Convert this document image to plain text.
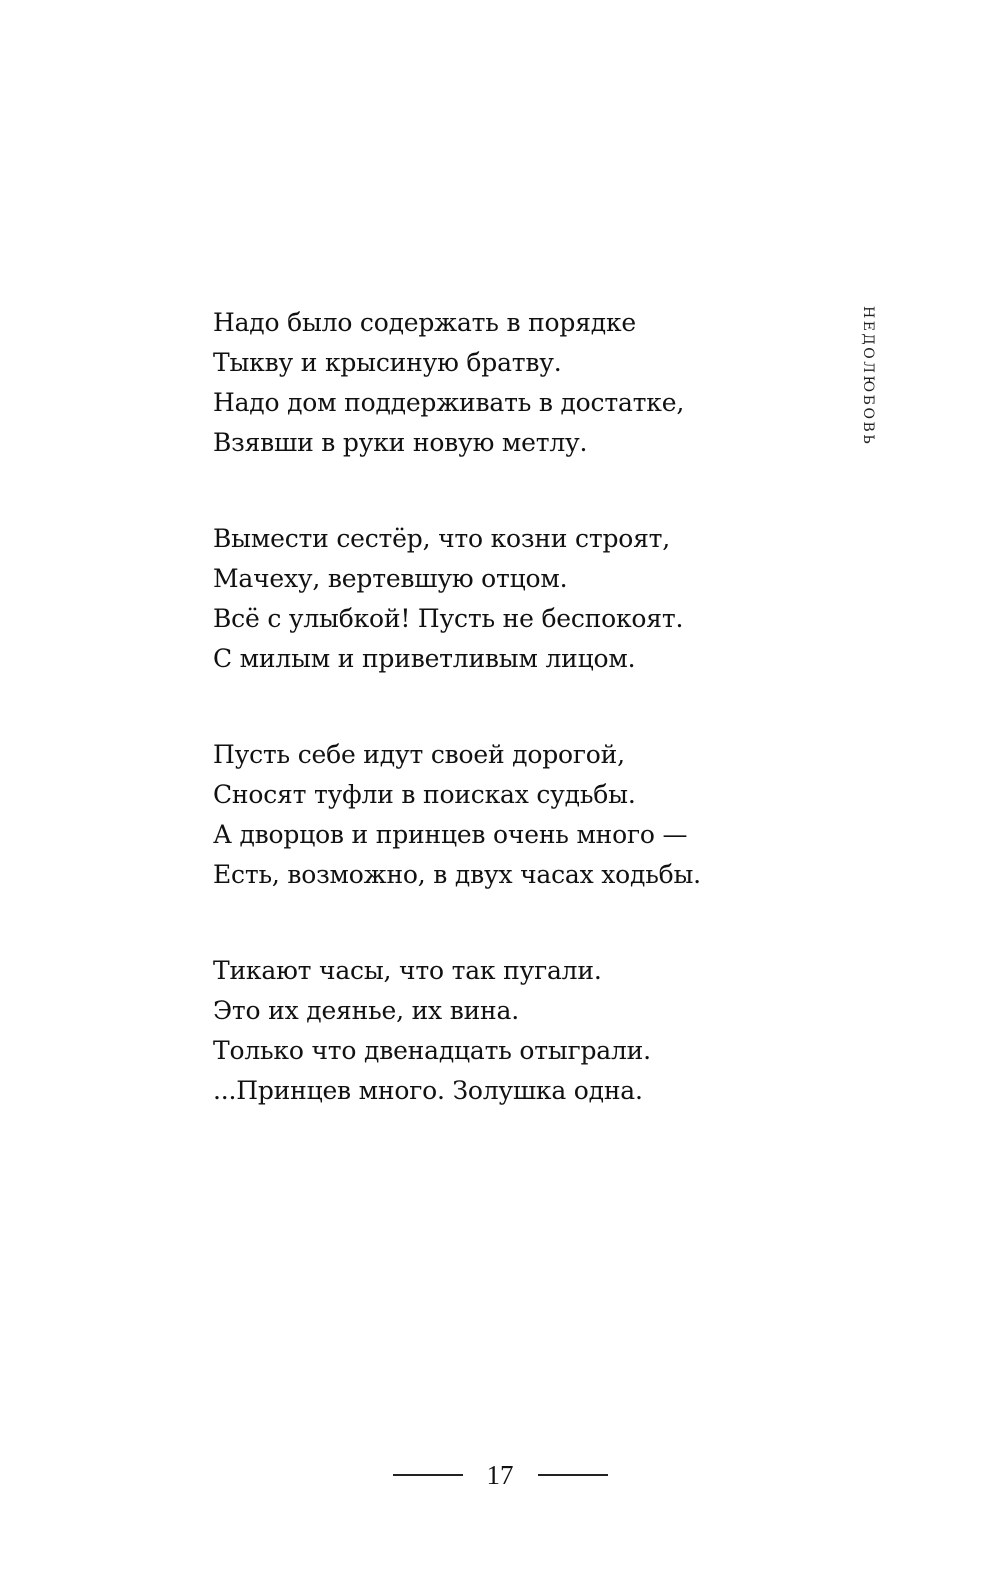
НЕДОЛЮБОВЬ
Надо было содержать в порядке
Тыкву и крысиную братву.
Надо дом поддерживать в достатке,
Взявши в руки новую метлу.
Вымести сестёр, что козни строят,
Мачеху, вертевшую отцом.
Всё с улыбкой! Пусть не беспокоят.
С милым и приветливым лицом.
Пусть себе идут своей дорогой,
Сносят туфли в поисках судьбы.
А дворцов и принцев очень много —
Есть, возможно, в двух часах ходьбы.
Тикают часы, что так пугали.
Это их деянье, их вина.
Только что двенадцать отыграли.
...Принцев много. Золушка одна.
17
